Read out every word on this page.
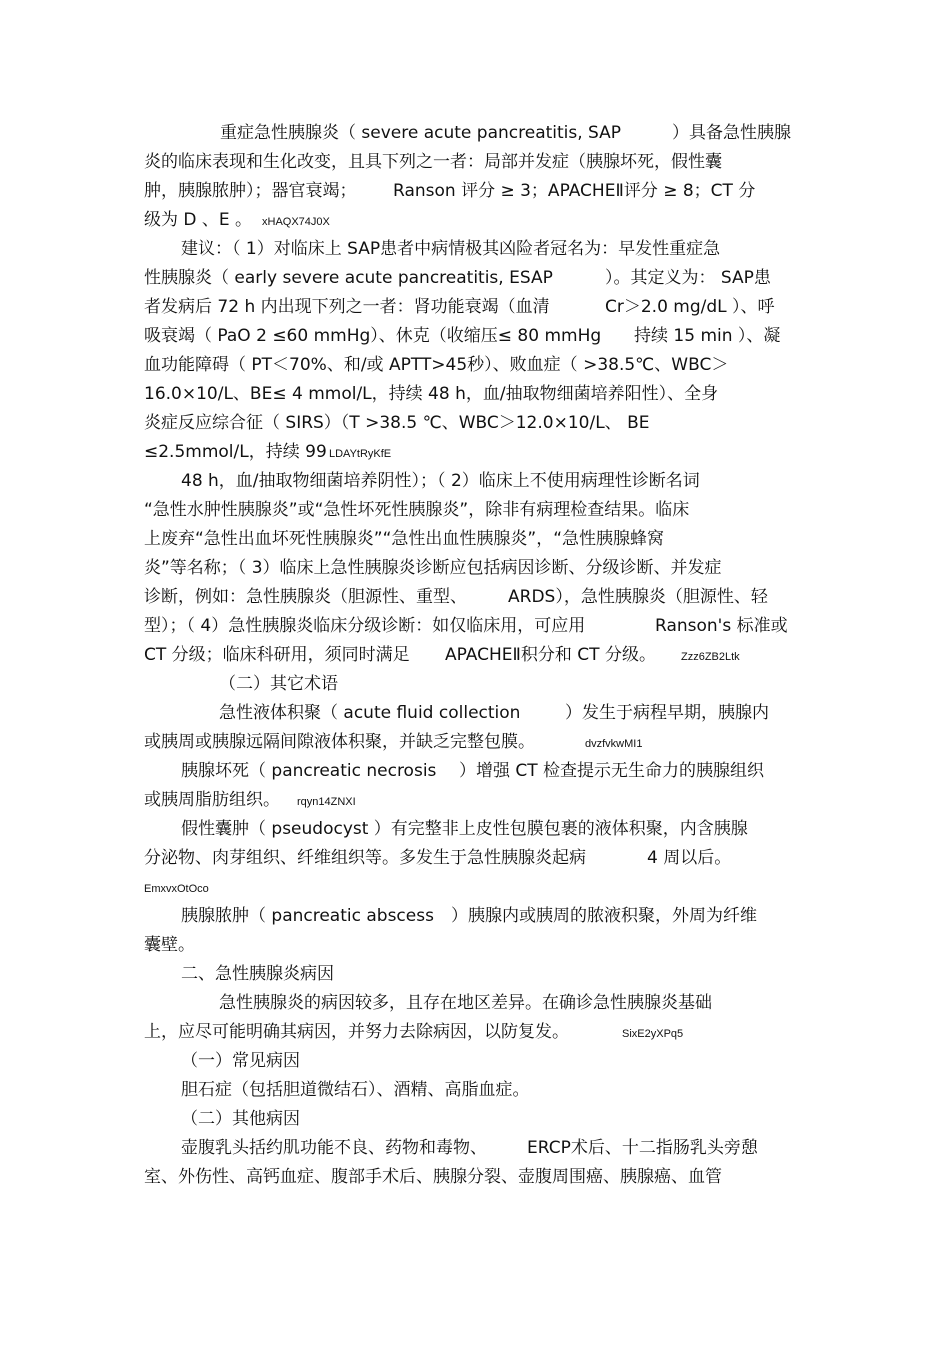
重症急性胰腺炎（ severe acute pancreatitis, SAP	）具备急性胰腺
炎的临床表现和生化改变，且具下列之一者：局部并发症（胰腺坏死，假性囊
肿，胰腺脓肿）；器官衰竭； Ranson 评分 ≥ 3；APACHEⅡ评分 ≥ 8；CT 分
级为 D 、E 。 xHAQX74J0X
建议：（ 1）对临床上 SAP患者中病情极其凶险者冠名为：早发性重症急
性胰腺炎（ early severe acute pancreatitis, ESAP	）。其定义为： SAP患
者发病后 72 h 内出现下列之一者：肾功能衰竭（血清	Cr＞2.0 mg/dL ）、呼
吸衰竭（ PaO 2 ≤60 mmHg）、休克（收缩压≤ 80 mmHg 持续 15 min ）、凝
血功能障碍（ PT＜70%、和/或 APTT>45秒）、败血症（ >38.5℃、WBC＞
16.0×10/L、BE≤ 4 mmol/L，持续 48 h，血/抽取物细菌培养阳性）、全身
炎症反应综合征（ SIRS）（T >38.5 ℃、WBC＞12.0×10/L、 BE
≤2.5mmol/L，持续 99 LDAYtRyKfE
48 h，血/抽取物细菌培养阴性）；（ 2）临床上不使用病理性诊断名词
“急性水肿性胰腺炎”或“急性坏死性胰腺炎”，除非有病理检查结果。临床
上废弃“急性出血坏死性胰腺炎”“急性出血性胰腺炎”，“急性胰腺蜂窝
炎”等名称；（ 3）临床上急性胰腺炎诊断应包括病因诊断、分级诊断、并发症
诊断，例如：急性胰腺炎（胆源性、重型、 ARDS），急性胰腺炎（胆源性、轻
型）；（ 4）急性胰腺炎临床分级诊断：如仅临床用，可应用	Ranson's 标准或
CT 分级；临床科研用，须同时满足 APACHEⅡ积分和 CT 分级。 Zzz6ZB2Ltk
（二）其它术语
急性液体积聚（ acute fluid collection	）发生于病程早期，胰腺内
或胰周或胰腺远隔间隙液体积聚，并缺乏完整包膜。	dvzfvkwMI1
胰腺坏死（ pancreatic necrosis ）增强 CT 检查提示无生命力的胰腺组织
或胰周脂肪组织。 rqyn14ZNXI
假性囊肿（ pseudocyst ）有完整非上皮性包膜包裹的液体积聚，内含胰腺
分泌物、肉芽组织、纤维组织等。多发生于急性胰腺炎起病	4 周以后。
EmxvxOtOco
胰腺脓肿（ pancreatic abscess ）胰腺内或胰周的脓液积聚，外周为纤维
囊壁。
二、急性胰腺炎病因
急性胰腺炎的病因较多，且存在地区差异。在确诊急性胰腺炎基础
上，应尽可能明确其病因，并努力去除病因，以防复发。	SixE2yXPq5
（一）常见病因
胆石症（包括胆道微结石）、酒精、高脂血症。
（二）其他病因
壶腹乳头括约肌功能不良、药物和毒物、 ERCP术后、十二指肠乳头旁憩
室、外伤性、高钙血症、腹部手术后、胰腺分裂、壶腹周围癌、胰腺癌、血管
